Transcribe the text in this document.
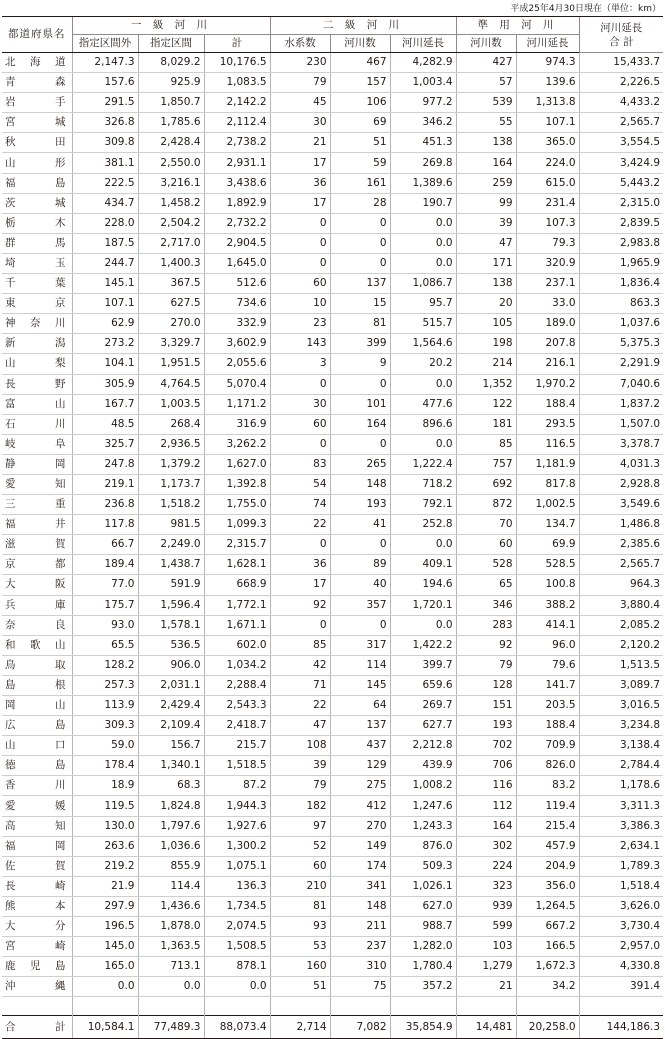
平成25年4月30日現在（単位：km）
都道府県名	一 級 河 川			二 級 河 川			準 用 河 川		河川延長
合 計

	指定区間外	指定区間	計	水系数	河川数	河川延長	河川数	河川延長	

北 海 道	2,147.3	8,029.2	10,176.5	230	467	4,282.9	427	974.3	15,433.7

青 森	157.6	925.9	1,083.5	79	157	1,003.4	57	139.6	2,226.5

岩 手	291.5	1,850.7	2,142.2	45	106	977.2	539	1,313.8	4,433.2

宮 城	326.8	1,785.6	2,112.4	30	69	346.2	55	107.1	2,565.7

秋 田	309.8	2,428.4	2,738.2	21	51	451.3	138	365.0	3,554.5

山 形	381.1	2,550.0	2,931.1	17	59	269.8	164	224.0	3,424.9

福 島	222.5	3,216.1	3,438.6	36	161	1,389.6	259	615.0	5,443.2

茨 城	434.7	1,458.2	1,892.9	17	28	190.7	99	231.4	2,315.0

栃 木	228.0	2,504.2	2,732.2	0	0	0.0	39	107.3	2,839.5

群 馬	187.5	2,717.0	2,904.5	0	0	0.0	47	79.3	2,983.8

埼 玉	244.7	1,400.3	1,645.0	0	0	0.0	171	320.9	1,965.9

千 葉	145.1	367.5	512.6	60	137	1,086.7	138	237.1	1,836.4

東 京	107.1	627.5	734.6	10	15	95.7	20	33.0	863.3

神 奈 川	62.9	270.0	332.9	23	81	515.7	105	189.0	1,037.6

新 潟	273.2	3,329.7	3,602.9	143	399	1,564.6	198	207.8	5,375.3

山 梨	104.1	1,951.5	2,055.6	3	9	20.2	214	216.1	2,291.9

長 野	305.9	4,764.5	5,070.4	0	0	0.0	1,352	1,970.2	7,040.6

富 山	167.7	1,003.5	1,171.2	30	101	477.6	122	188.4	1,837.2

石 川	48.5	268.4	316.9	60	164	896.6	181	293.5	1,507.0

岐 阜	325.7	2,936.5	3,262.2	0	0	0.0	85	116.5	3,378.7

静 岡	247.8	1,379.2	1,627.0	83	265	1,222.4	757	1,181.9	4,031.3

愛 知	219.1	1,173.7	1,392.8	54	148	718.2	692	817.8	2,928.8

三 重	236.8	1,518.2	1,755.0	74	193	792.1	872	1,002.5	3,549.6

福 井	117.8	981.5	1,099.3	22	41	252.8	70	134.7	1,486.8

滋 賀	66.7	2,249.0	2,315.7	0	0	0.0	60	69.9	2,385.6

京 都	189.4	1,438.7	1,628.1	36	89	409.1	528	528.5	2,565.7

大 阪	77.0	591.9	668.9	17	40	194.6	65	100.8	964.3

兵 庫	175.7	1,596.4	1,772.1	92	357	1,720.1	346	388.2	3,880.4

奈 良	93.0	1,578.1	1,671.1	0	0	0.0	283	414.1	2,085.2

和 歌 山	65.5	536.5	602.0	85	317	1,422.2	92	96.0	2,120.2

鳥 取	128.2	906.0	1,034.2	42	114	399.7	79	79.6	1,513.5

島 根	257.3	2,031.1	2,288.4	71	145	659.6	128	141.7	3,089.7

岡 山	113.9	2,429.4	2,543.3	22	64	269.7	151	203.5	3,016.5

広 島	309.3	2,109.4	2,418.7	47	137	627.7	193	188.4	3,234.8

山 口	59.0	156.7	215.7	108	437	2,212.8	702	709.9	3,138.4

徳 島	178.4	1,340.1	1,518.5	39	129	439.9	706	826.0	2,784.4

香 川	18.9	68.3	87.2	79	275	1,008.2	116	83.2	1,178.6

愛 媛	119.5	1,824.8	1,944.3	182	412	1,247.6	112	119.4	3,311.3

高 知	130.0	1,797.6	1,927.6	97	270	1,243.3	164	215.4	3,386.3

福 岡	263.6	1,036.6	1,300.2	52	149	876.0	302	457.9	2,634.1

佐 賀	219.2	855.9	1,075.1	60	174	509.3	224	204.9	1,789.3

長 崎	21.9	114.4	136.3	210	341	1,026.1	323	356.0	1,518.4

熊 本	297.9	1,436.6	1,734.5	81	148	627.0	939	1,264.5	3,626.0

大 分	196.5	1,878.0	2,074.5	93	211	988.7	599	667.2	3,730.4

宮 崎	145.0	1,363.5	1,508.5	53	237	1,282.0	103	166.5	2,957.0

鹿 児 島	165.0	713.1	878.1	160	310	1,780.4	1,279	1,672.3	4,330.8

沖 縄	0.0	0.0	0.0	51	75	357.2	21	34.2	391.4

合 計	10,584.1	77,489.3	88,073.4	2,714	7,082	35,854.9	14,481	20,258.0	144,186.3
